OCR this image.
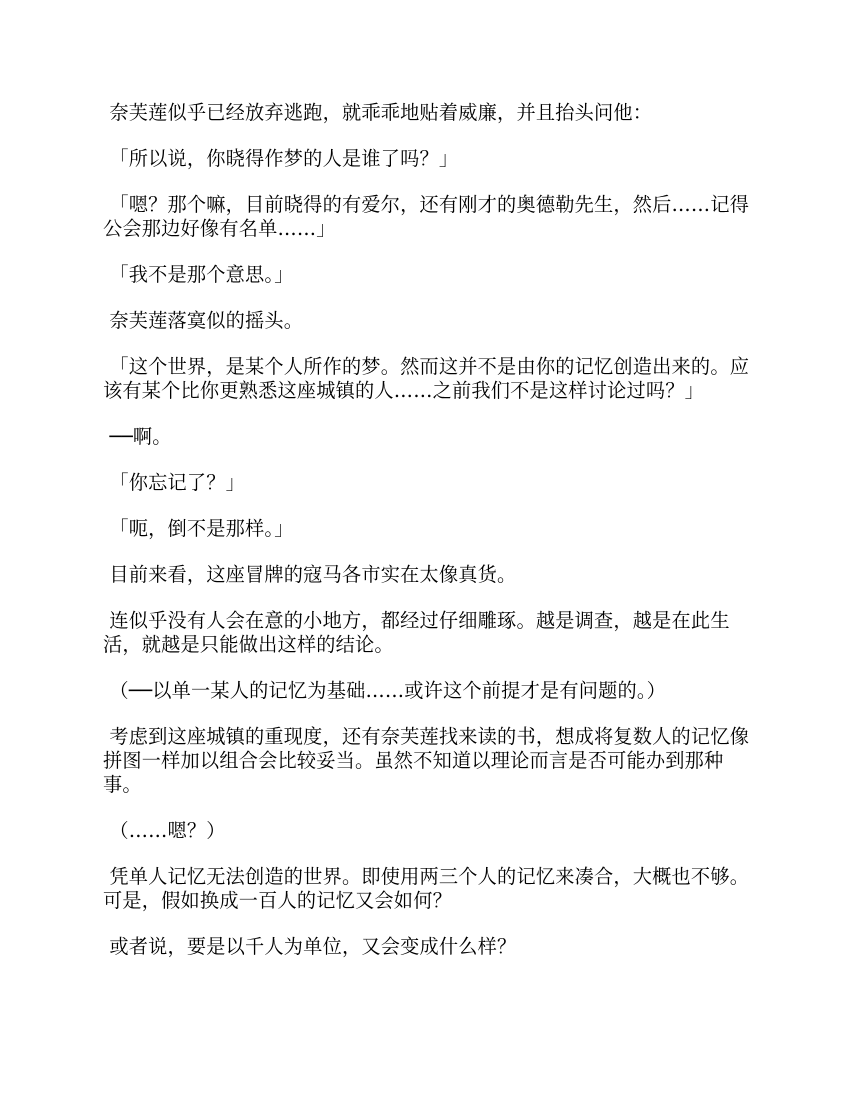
奈芙莲似乎已经放弃逃跑，就乖乖地贴着威廉，并且抬头问他：

「所以说，你晓得作梦的人是谁了吗？」

「嗯？那个嘛，目前晓得的有爱尔，还有刚才的奥德勒先生，然后……记得公会那边好像有名单……」

「我不是那个意思。」

奈芙莲落寞似的摇头。

「这个世界，是某个人所作的梦。然而这并不是由你的记忆创造出来的。应该有某个比你更熟悉这座城镇的人……之前我们不是这样讨论过吗？」

──啊。

「你忘记了？」

「呃，倒不是那样。」

目前来看，这座冒牌的寇马各市实在太像真货。

连似乎没有人会在意的小地方，都经过仔细雕琢。越是调查，越是在此生活，就越是只能做出这样的结论。

（──以单一某人的记忆为基础……或许这个前提才是有问题的。）

考虑到这座城镇的重现度，还有奈芙莲找来读的书，想成将复数人的记忆像拼图一样加以组合会比较妥当。虽然不知道以理论而言是否可能办到那种事。

（……嗯？）

凭单人记忆无法创造的世界。即使用两三个人的记忆来凑合，大概也不够。可是，假如换成一百人的记忆又会如何？

或者说，要是以千人为单位，又会变成什么样？
